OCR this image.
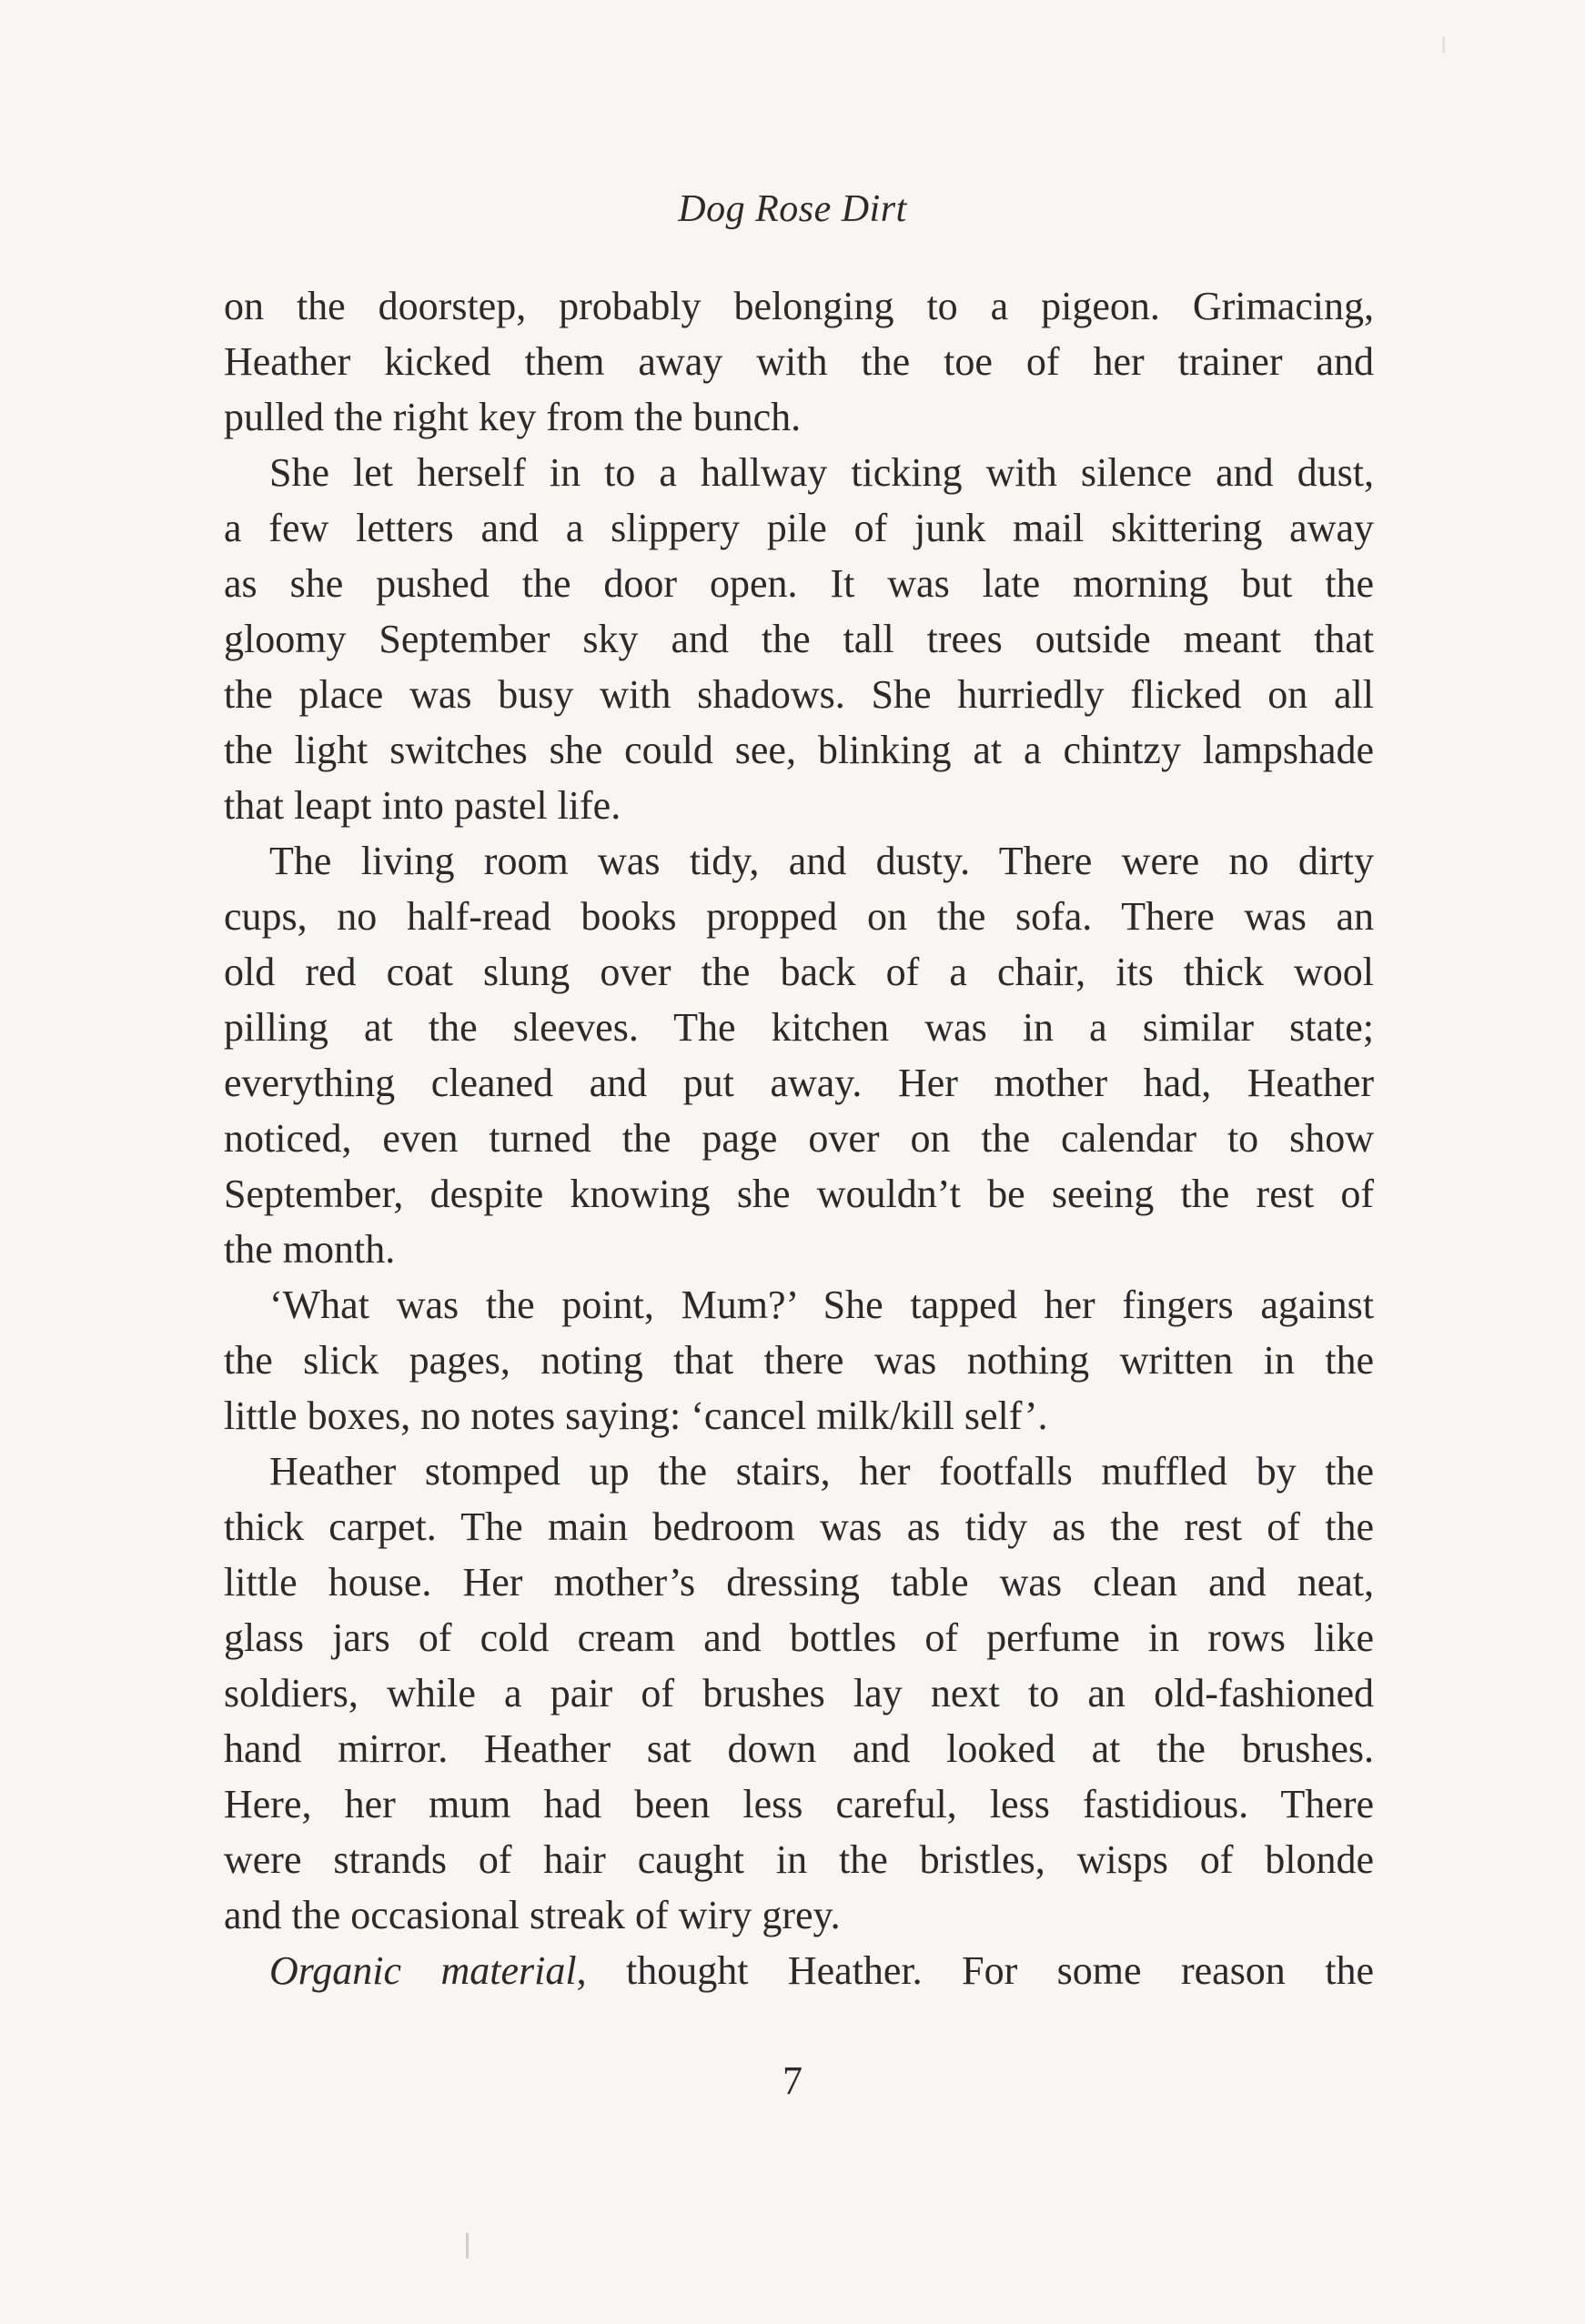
Dog Rose Dirt
on the doorstep, probably belonging to a pigeon. Grimacing,
Heather kicked them away with the toe of her trainer and
pulled the right key from the bunch.
She let herself in to a hallway ticking with silence and dust,
a few letters and a slippery pile of junk mail skittering away
as she pushed the door open. It was late morning but the
gloomy September sky and the tall trees outside meant that
the place was busy with shadows. She hurriedly flicked on all
the light switches she could see, blinking at a chintzy lampshade
that leapt into pastel life.
The living room was tidy, and dusty. There were no dirty
cups, no half-read books propped on the sofa. There was an
old red coat slung over the back of a chair, its thick wool
pilling at the sleeves. The kitchen was in a similar state;
everything cleaned and put away. Her mother had, Heather
noticed, even turned the page over on the calendar to show
September, despite knowing she wouldn’t be seeing the rest of
the month.
‘What was the point, Mum?’ She tapped her fingers against
the slick pages, noting that there was nothing written in the
little boxes, no notes saying: ‘cancel milk/kill self’.
Heather stomped up the stairs, her footfalls muffled by the
thick carpet. The main bedroom was as tidy as the rest of the
little house. Her mother’s dressing table was clean and neat,
glass jars of cold cream and bottles of perfume in rows like
soldiers, while a pair of brushes lay next to an old-fashioned
hand mirror. Heather sat down and looked at the brushes.
Here, her mum had been less careful, less fastidious. There
were strands of hair caught in the bristles, wisps of blonde
and the occasional streak of wiry grey.
Organic material, thought Heather. For some reason the
7
